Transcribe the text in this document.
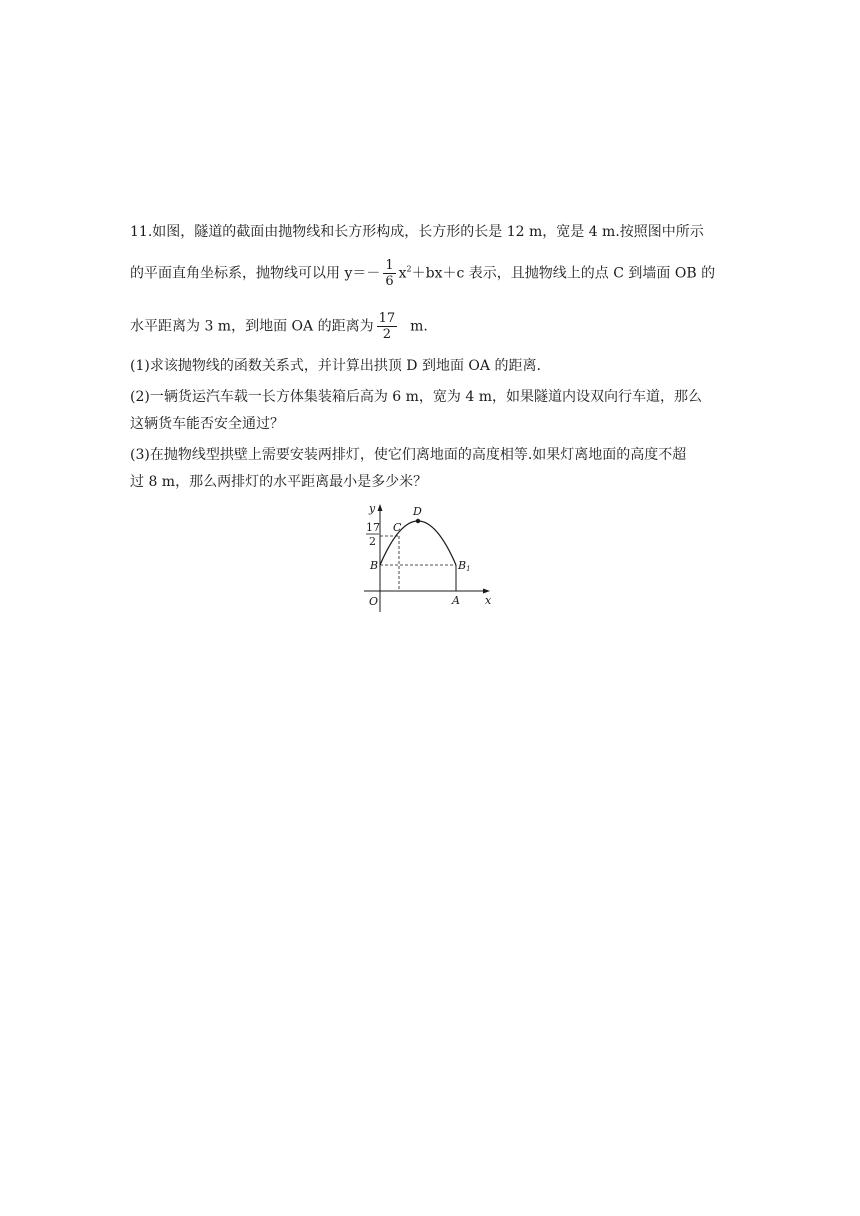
11.如图，隧道的截面由抛物线和长方形构成，长方形的长是 12 m，宽是 4 m.按照图中所示
的平面直角坐标系，抛物线可以用 $y=- \frac{1}{6} x^2+bx+c$ 表示，且抛物线上的点 C 到墙面 OB 的
水平距离为 3 m，到地面 OA 的距离为 $\frac{17}{2} m$.
(1)求该抛物线的函数关系式，并计算出拱顶 D 到地面 OA 的距离.
(2)一辆货运汽车载一长方体集装箱后高为 6 m，宽为 4 m，如果隧道内设双向行车道，那么
这辆货车能否安全通过？
(3)在抛物线型拱壁上需要安装两排灯，使它们离地面的高度相等.如果灯离地面的高度不超
过 8 m，那么两排灯的水平距离最小是多少米？
y
x
O
17
2
C
D
B	B1
A
